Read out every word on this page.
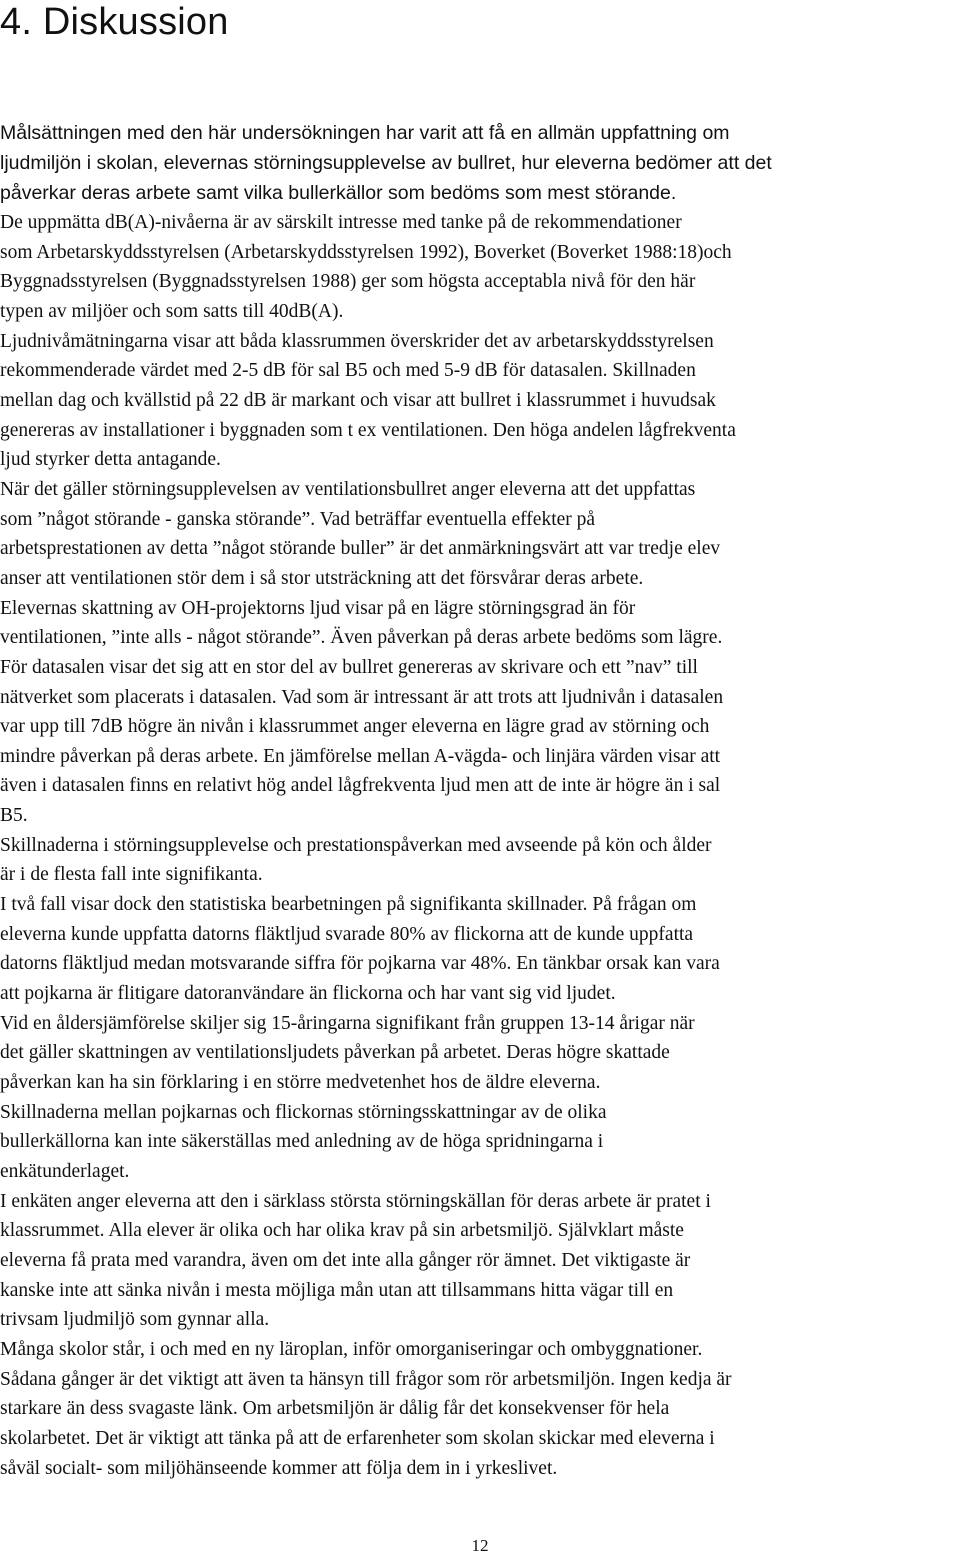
4. Diskussion

Målsättningen med den här undersökningen har varit att få en allmän uppfattning om
ljudmiljön i skolan, elevernas störningsupplevelse av bullret, hur eleverna bedömer att det
påverkar deras arbete samt vilka bullerkällor som bedöms som mest störande.

De uppmätta dB(A)-nivåerna är av särskilt intresse med tanke på de rekommendationer
som Arbetarskyddsstyrelsen (Arbetarskyddsstyrelsen 1992), Boverket (Boverket 1988:18)och
Byggnadsstyrelsen (Byggnadsstyrelsen 1988) ger som högsta acceptabla nivå för den här
typen av miljöer och som satts till 40dB(A).
Ljudnivåmätningarna visar att båda klassrummen överskrider det av arbetarskyddsstyrelsen
rekommenderade värdet med 2-5 dB för sal B5 och med 5-9 dB för datasalen. Skillnaden
mellan dag och kvällstid på 22 dB är markant och visar att bullret i klassrummet i huvudsak
genereras av installationer i byggnaden som t ex ventilationen. Den höga andelen lågfrekventa
ljud styrker detta antagande.
När det gäller störningsupplevelsen av ventilationsbullret anger eleverna att det uppfattas
som ”något störande - ganska störande”. Vad beträffar eventuella effekter på
arbetsprestationen av detta ”något störande buller” är det anmärkningsvärt att var tredje elev
anser att ventilationen stör dem i så stor utsträckning att det försvårar deras arbete.
Elevernas skattning av OH-projektorns ljud visar på en lägre störningsgrad än för
ventilationen, ”inte alls - något störande”. Även påverkan på deras arbete bedöms som lägre.
För datasalen visar det sig att en stor del av bullret genereras av skrivare och ett ”nav” till
nätverket som placerats i datasalen. Vad som är intressant är att trots att ljudnivån i datasalen
var upp till 7dB högre än nivån i klassrummet anger eleverna en lägre grad av störning och
mindre påverkan på deras arbete. En jämförelse mellan A-vägda- och linjära värden visar att
även i datasalen finns en relativt hög andel lågfrekventa ljud men att de inte är högre än i sal
B5.
Skillnaderna i störningsupplevelse och prestationspåverkan med avseende på kön och ålder
är i de flesta fall inte signifikanta.
I två fall visar dock den statistiska bearbetningen på signifikanta skillnader. På frågan om
eleverna kunde uppfatta datorns fläktljud svarade 80% av flickorna att de kunde uppfatta
datorns fläktljud medan motsvarande siffra för pojkarna var 48%. En tänkbar orsak kan vara
att pojkarna är flitigare datoranvändare än flickorna och har vant sig vid ljudet.
Vid en åldersjämförelse skiljer sig 15-åringarna signifikant från gruppen 13-14 årigar när
det gäller skattningen av ventilationsljudets påverkan på arbetet. Deras högre skattade
påverkan kan ha sin förklaring i en större medvetenhet hos de äldre eleverna.
Skillnaderna mellan pojkarnas och flickornas störningsskattningar av de olika
bullerkällorna kan inte säkerställas med anledning av de höga spridningarna i
enkätunderlaget.
I enkäten anger eleverna att den i särklass största störningskällan för deras arbete är pratet i
klassrummet. Alla elever är olika och har olika krav på sin arbetsmiljö. Självklart måste
eleverna få prata med varandra, även om det inte alla gånger rör ämnet. Det viktigaste är
kanske inte att sänka nivån i mesta möjliga mån utan att tillsammans hitta vägar till en
trivsam ljudmiljö som gynnar alla.
Många skolor står, i och med en ny läroplan, inför omorganiseringar och ombyggnationer.
Sådana gånger är det viktigt att även ta hänsyn till frågor som rör arbetsmiljön. Ingen kedja är
starkare än dess svagaste länk. Om arbetsmiljön är dålig får det konsekvenser för hela
skolarbetet. Det är viktigt att tänka på att de erfarenheter som skolan skickar med eleverna i
såväl socialt- som miljöhänseende kommer att följa dem in i yrkeslivet.

12
